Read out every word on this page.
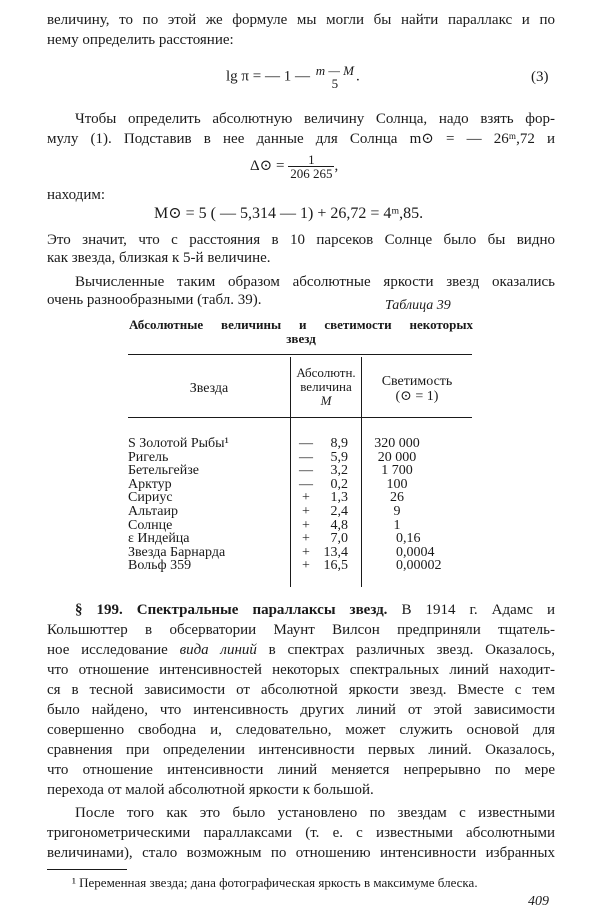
величину, то по этой же формуле мы могли бы найти параллакс и по
нему определить расстояние:
lg π = — 1 — m — M
5	.	(3)
Чтобы определить абсолютную величину Солнца, надо взять фор-
мулу (1). Подставив в нее данные для Солнца m⊙ = — 26ᵐ,72 и
Δ⊙ = $\frac{1}{206 265}$ ,
находим:
M⊙ = 5 ( — 5,314 — 1) + 26,72 = 4ᵐ,85.
Это значит, что с расстояния в 10 парсеков Солнце было бы видно
как звезда, близкая к 5-й величине.
Вычисленные таким образом абсолютные яркости звезд оказались
очень разнообразными (табл. 39).	Таблица 39
Абсолютные величины и светимости некоторых
звезд
Звезда
Абсолютн.
величина
M
Светимость
(⊙ = 1)
S Золотой Рыбы¹	—	8,9	320 000
Ригель	—	5,9	20 000
Бетельгейзе	—	3,2	1 700
Арктур	—	0,2	100
Сириус	+	1,3	26
Альтаир	+	2,4	9
Солнце	+	4,8	1
ε Индейца	+	7,0	0,16
Звезда Барнарда	+ 13,4	0,0004
Вольф 359	+ 16,5	0,00002
§ 199. Спектральные параллаксы звезд. В 1914 г. Адамс и
Кольшюттер в обсерватории Маунт Вилсон предприняли тщатель-
ное исследование вида линий в спектрах различных звезд. Оказалось,
что отношение интенсивностей некоторых спектральных линий находит-
ся в тесной зависимости от абсолютной яркости звезд. Вместе с тем
было найдено, что интенсивность других линий от этой зависимости
совершенно свободна и, следовательно, может служить основой для
сравнения при определении интенсивности первых линий. Оказалось,
что отношение интенсивности линий меняется непрерывно по мере
перехода от малой абсолютной яркости к большой.
После того как это было установлено по звездам с известными
тригонометрическими параллаксами (т. е. с известными абсолютными
величинами), стало возможным по отношению интенсивности избранных
¹ Переменная звезда; дана фотографическая яркость в максимуме блеска.
409
